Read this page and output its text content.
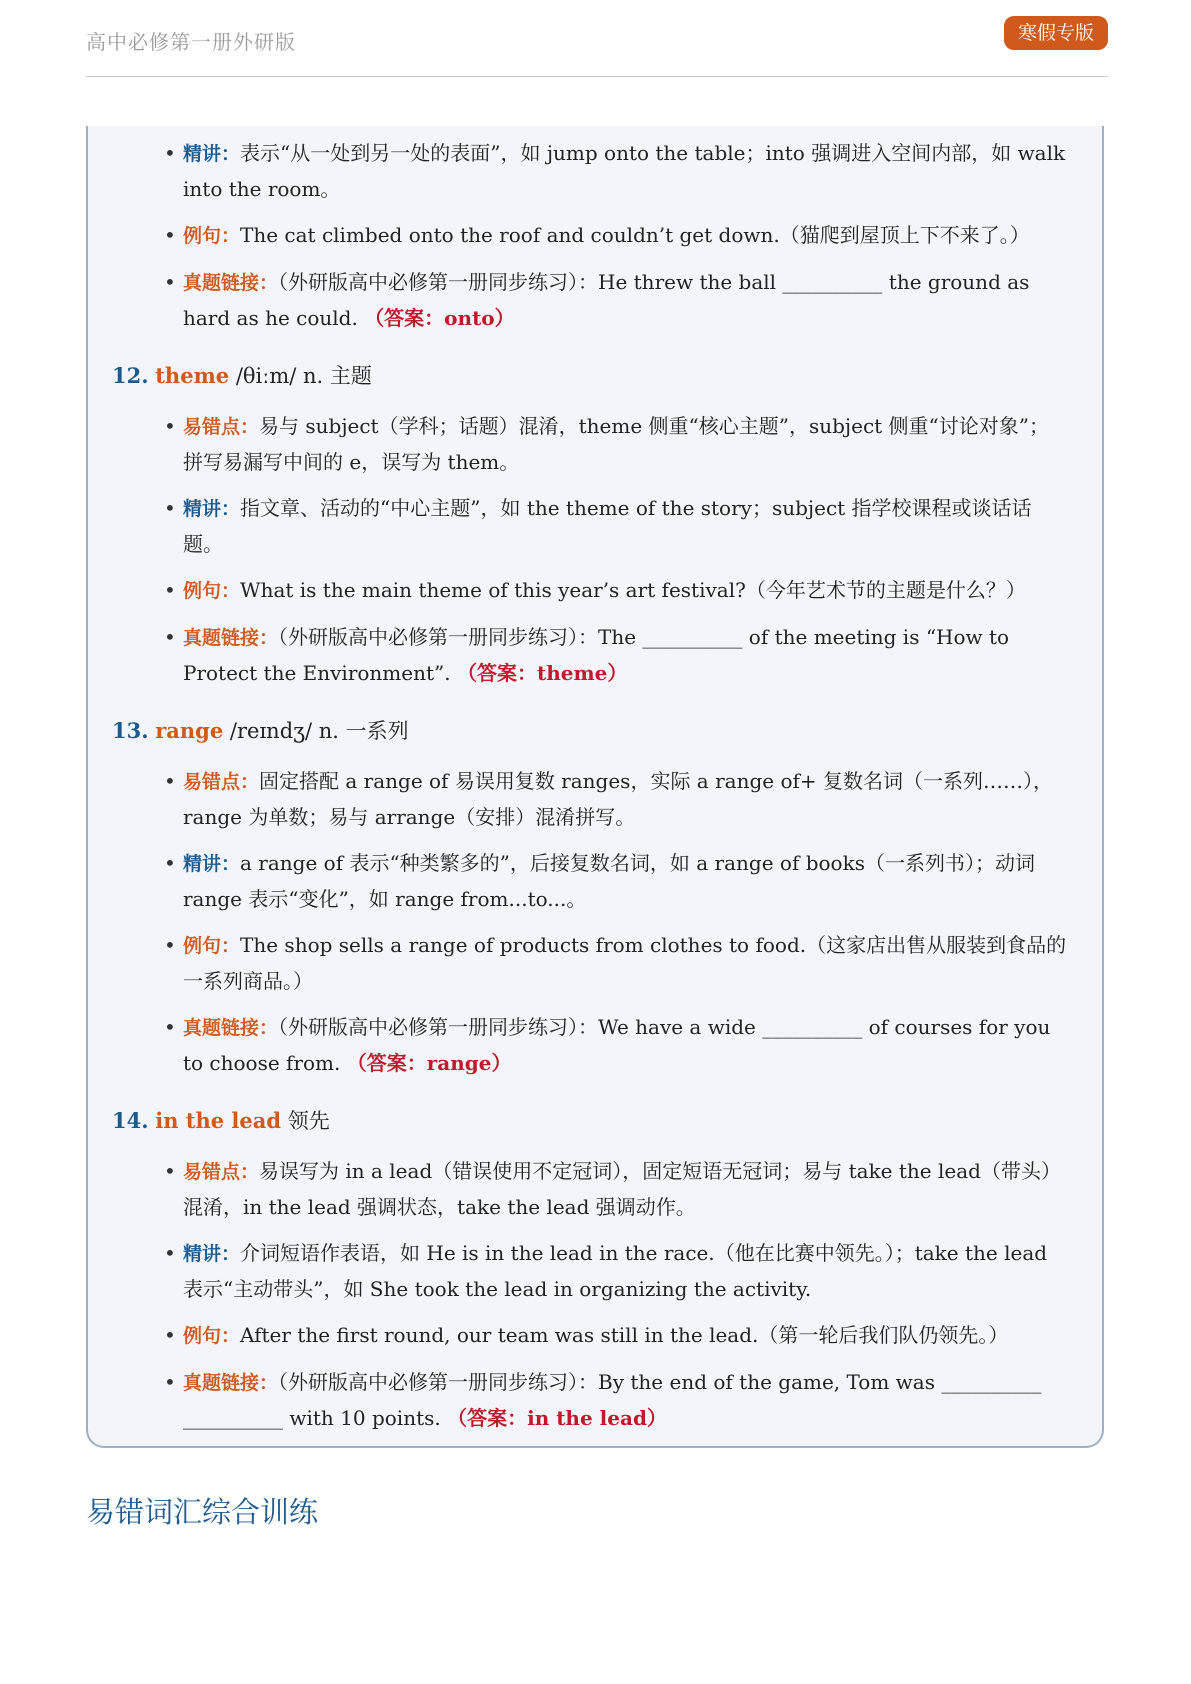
高中必修第一册外研版	寒假专版
• 精讲：表示“从一处到另一处的表面”，如 jump onto the table；into 强调进入空间内部，如 walk into the room。
• 例句：The cat climbed onto the roof and couldn’t get down.（猫爬到屋顶上下不来了。）
• 真题链接：（外研版高中必修第一册同步练习）：He threw the ball __________ the ground as hard as he could. （答案：onto）

12. theme /θiːm/ n. 主题

• 易错点：易与 subject（学科；话题）混淆，theme 侧重“核心主题”，subject 侧重“讨论对象”；拼写易漏写中间的 e，误写为 them。
• 精讲：指文章、活动的“中心主题”，如 the theme of the story；subject 指学校课程或谈话话题。
• 例句：What is the main theme of this year’s art festival?（今年艺术节的主题是什么？）
• 真题链接：（外研版高中必修第一册同步练习）：The __________ of the meeting is “How to Protect the Environment”. （答案：theme）

13. range /reɪndʒ/ n. 一系列

• 易错点：固定搭配 a range of 易误用复数 ranges，实际 a range of+ 复数名词（一系列……），range 为单数；易与 arrange（安排）混淆拼写。
• 精讲：a range of 表示“种类繁多的”，后接复数名词，如 a range of books（一系列书）；动词 range 表示“变化”，如 range from...to...。
• 例句：The shop sells a range of products from clothes to food.（这家店出售从服装到食品的一系列商品。）
• 真题链接：（外研版高中必修第一册同步练习）：We have a wide __________ of courses for you to choose from. （答案：range）

14. in the lead 领先

• 易错点：易误写为 in a lead（错误使用不定冠词），固定短语无冠词；易与 take the lead（带头）混淆，in the lead 强调状态，take the lead 强调动作。
• 精讲：介词短语作表语，如 He is in the lead in the race.（他在比赛中领先。）；take the lead 表示“主动带头”，如 She took the lead in organizing the activity.
• 例句：After the first round, our team was still in the lead.（第一轮后我们队仍领先。）
• 真题链接：（外研版高中必修第一册同步练习）：By the end of the game, Tom was __________ __________ with 10 points. （答案：in the lead）
易错词汇综合训练
